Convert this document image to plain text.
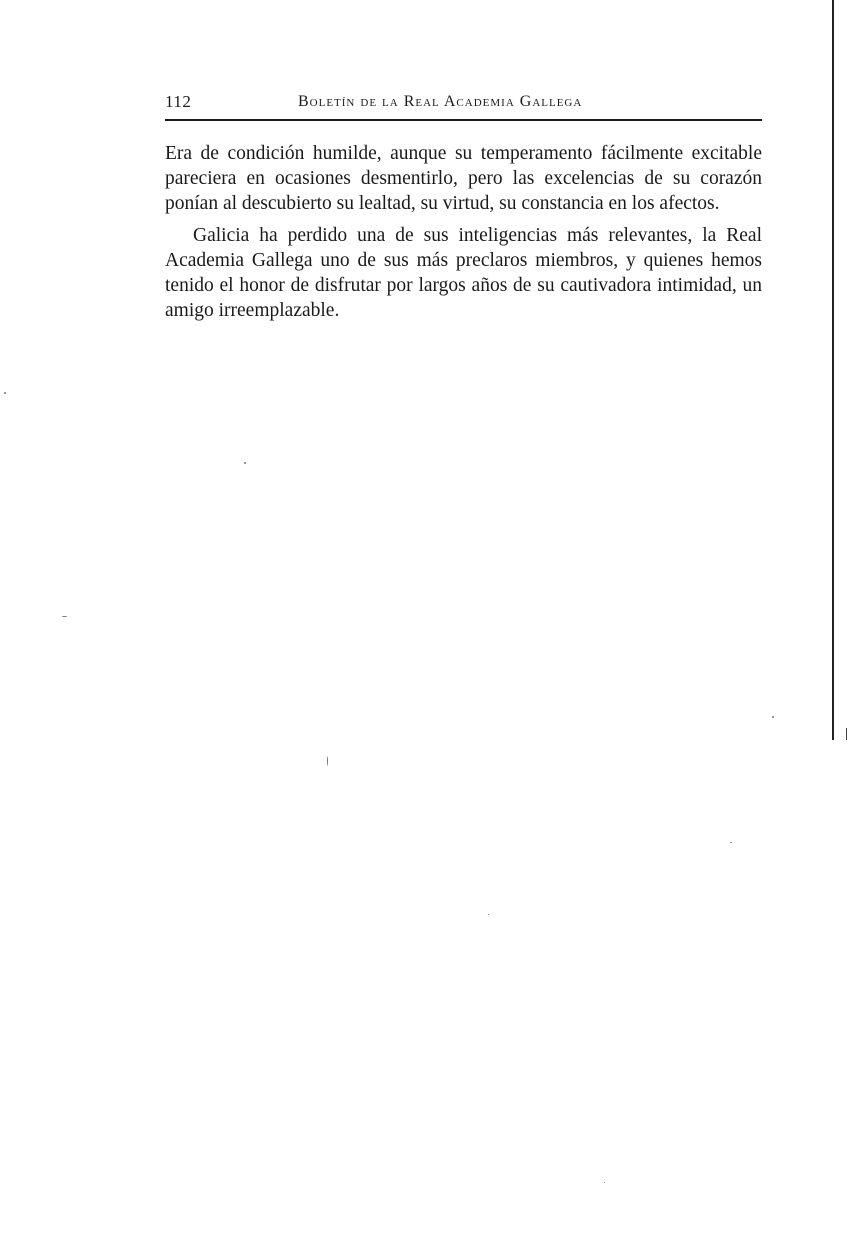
112	Boletín de la Real Academia Gallega

Era de condición humilde, aunque su temperamento fácilmente excitable pareciera en ocasiones desmentirlo, pero las excelencias de su corazón ponían al descubierto su lealtad, su virtud, su constancia en los afectos.

Galicia ha perdido una de sus inteligencias más relevantes, la Real Academia Gallega uno de sus más preclaros miembros, y quienes hemos tenido el honor de disfrutar por largos años de su cautivadora intimidad, un amigo irreemplazable.
